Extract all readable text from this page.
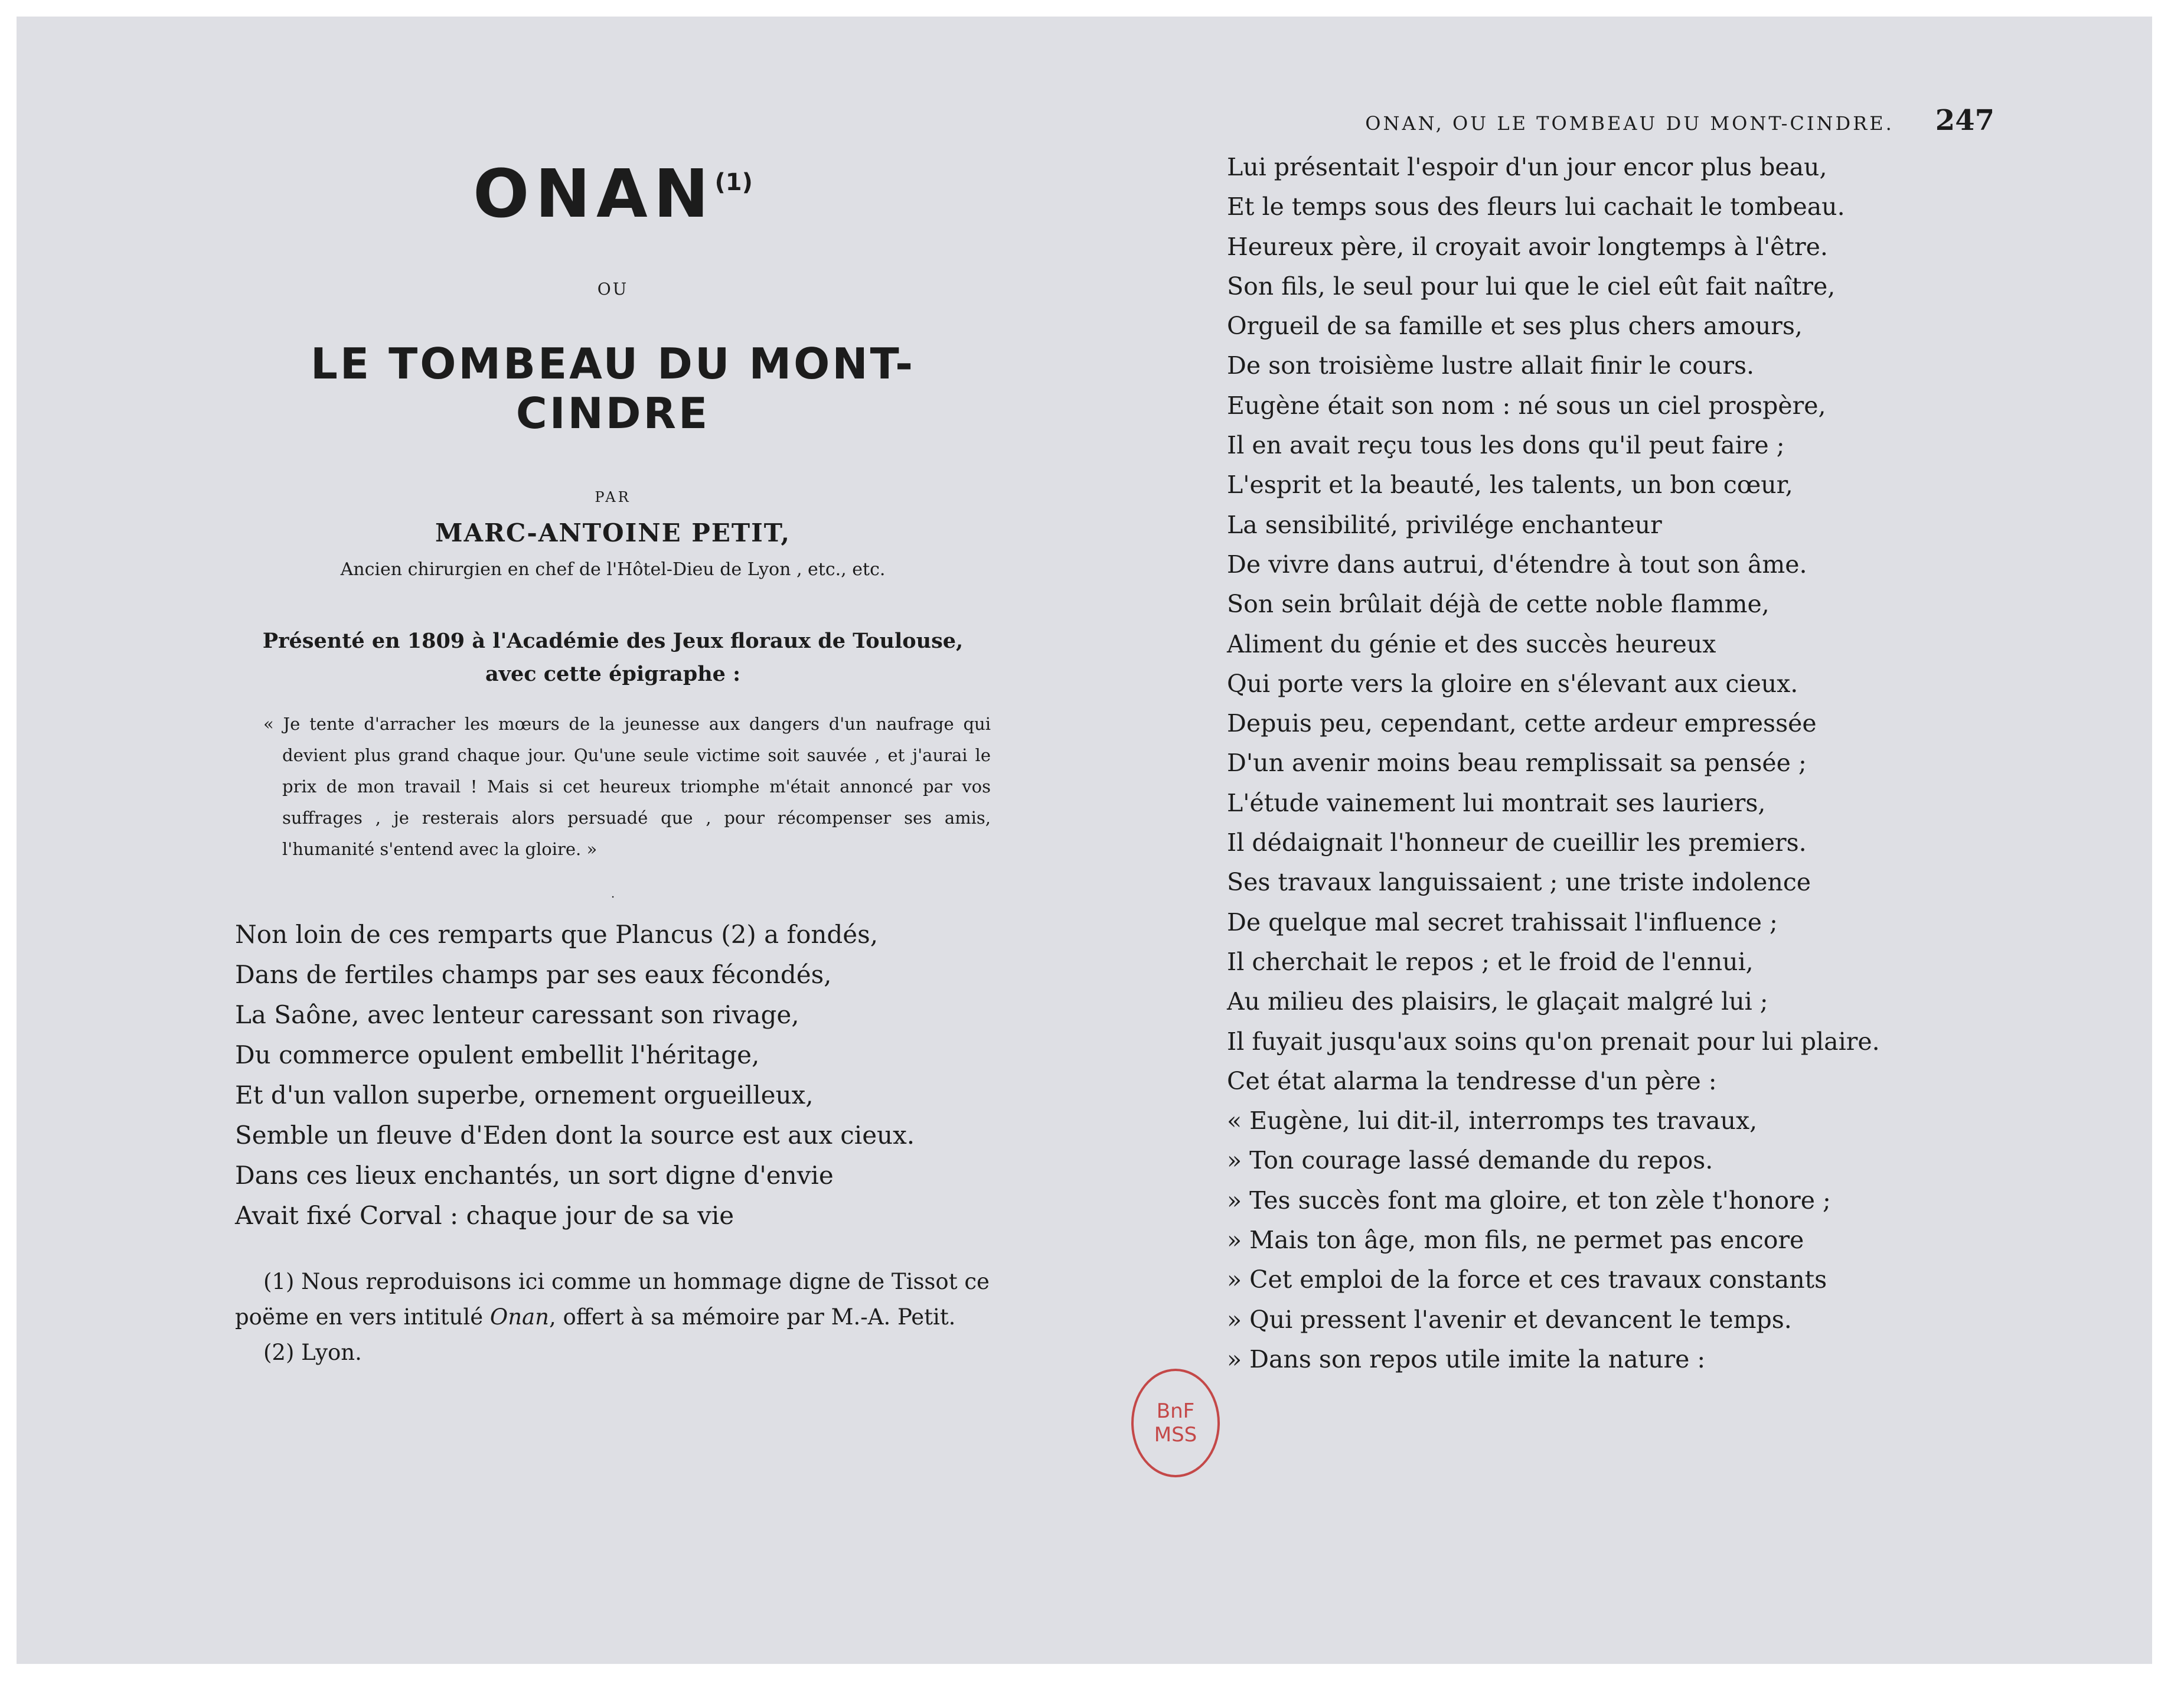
ONAN$^{(1)}$
OU
LE TOMBEAU DU MONT-CINDRE
PAR
MARC-ANTOINE PETIT,
Ancien chirurgien en chef de l'Hôtel-Dieu de Lyon , etc., etc.
Présenté en 1809 à l'Académie des Jeux floraux de Toulouse,
avec cette épigraphe :
« Je tente d'arracher les mœurs de la jeunesse aux dangers d'un naufrage qui devient plus grand chaque jour. Qu'une seule victime soit sauvée , et j'aurai le prix de mon travail ! Mais si cet heureux triomphe m'était annoncé par vos suffrages , je resterais alors persuadé que , pour récompenser ses amis, l'humanité s'entend avec la gloire. »
.
Non loin de ces remparts que Plancus (2) a fondés,
Dans de fertiles champs par ses eaux fécondés,
La Saône, avec lenteur caressant son rivage,
Du commerce opulent embellit l'héritage,
Et d'un vallon superbe, ornement orgueilleux,
Semble un fleuve d'Eden dont la source est aux cieux.
Dans ces lieux enchantés, un sort digne d'envie
Avait fixé Corval : chaque jour de sa vie
(1) Nous reproduisons ici comme un hommage digne de Tissot ce poëme en vers intitulé Onan, offert à sa mémoire par M.-A. Petit.
(2) Lyon.
ONAN, OU LE TOMBEAU DU MONT-CINDRE. 247
Lui présentait l'espoir d'un jour encor plus beau,
Et le temps sous des fleurs lui cachait le tombeau.
Heureux père, il croyait avoir longtemps à l'être.
Son fils, le seul pour lui que le ciel eût fait naître,
Orgueil de sa famille et ses plus chers amours,
De son troisième lustre allait finir le cours.
Eugène était son nom : né sous un ciel prospère,
Il en avait reçu tous les dons qu'il peut faire ;
L'esprit et la beauté, les talents, un bon cœur,
La sensibilité, privilége enchanteur
De vivre dans autrui, d'étendre à tout son âme.
Son sein brûlait déjà de cette noble flamme,
Aliment du génie et des succès heureux
Qui porte vers la gloire en s'élevant aux cieux.
Depuis peu, cependant, cette ardeur empressée
D'un avenir moins beau remplissait sa pensée ;
L'étude vainement lui montrait ses lauriers,
Il dédaignait l'honneur de cueillir les premiers.
Ses travaux languissaient ; une triste indolence
De quelque mal secret trahissait l'influence ;
Il cherchait le repos ; et le froid de l'ennui,
Au milieu des plaisirs, le glaçait malgré lui ;
Il fuyait jusqu'aux soins qu'on prenait pour lui plaire.
Cet état alarma la tendresse d'un père :
« Eugène, lui dit-il, interromps tes travaux,
» Ton courage lassé demande du repos.
» Tes succès font ma gloire, et ton zèle t'honore ;
» Mais ton âge, mon fils, ne permet pas encore
» Cet emploi de la force et ces travaux constants
» Qui pressent l'avenir et devancent le temps.
» Dans son repos utile imite la nature :
BnF
MSS
